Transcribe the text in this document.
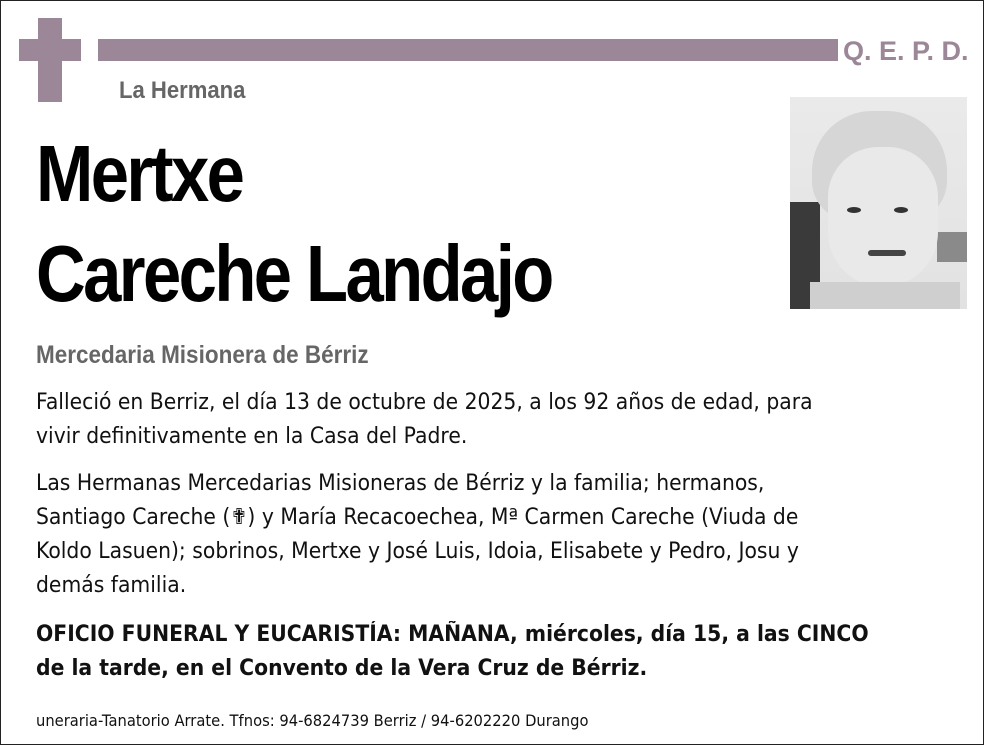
Q. E. P. D.
La Hermana
Mertxe
Careche Landajo
Mercedaria Misionera de Bérriz
Falleció en Berriz, el día 13 de octubre de 2025, a los 92 años de edad, para
vivir definitivamente en la Casa del Padre.
Las Hermanas Mercedarias Misioneras de Bérriz y la familia; hermanos,
Santiago Careche (✟) y María Recacoechea, Mª Carmen Careche (Viuda de
Koldo Lasuen); sobrinos, Mertxe y José Luis, Idoia, Elisabete y Pedro, Josu y
demás familia.
OFICIO FUNERAL Y EUCARISTÍA: MAÑANA, miércoles, día 15, a las CINCO
de la tarde, en el Convento de la Vera Cruz de Bérriz.
uneraria-Tanatorio Arrate. Tfnos: 94-6824739 Berriz / 94-6202220 Durango
